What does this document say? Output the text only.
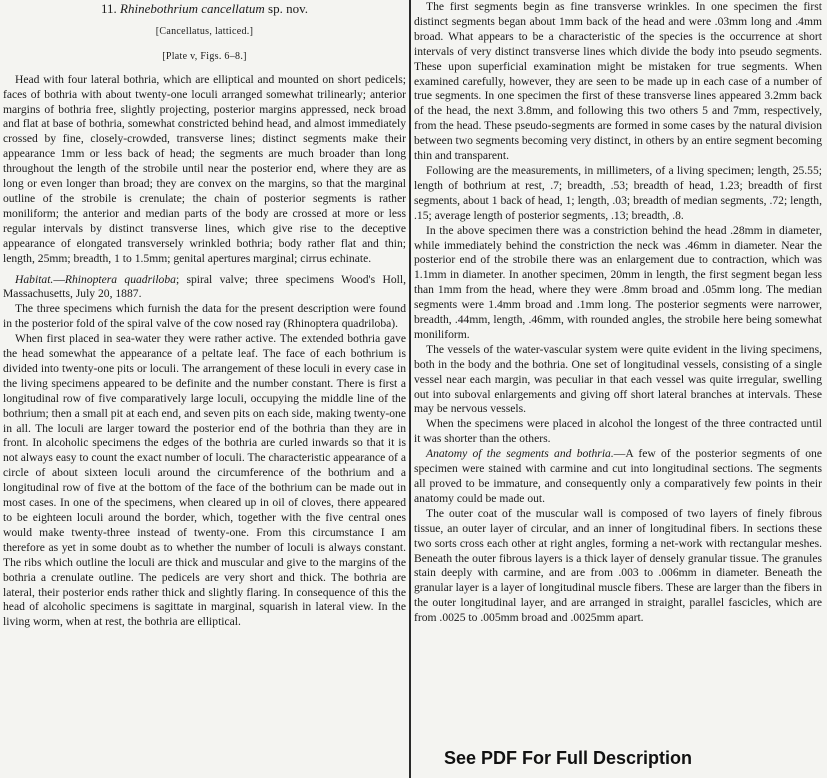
11. Rhinebothrium cancellatum sp. nov.
[Cancellatus, latticed.]
[Plate v, Figs. 6–8.]

Head with four lateral bothria, which are elliptical and mounted on short pedicels; faces of bothria with about twenty-one loculi arranged somewhat trilinearly; anterior margins of bothria free, slightly projecting, posterior margins appressed, neck broad and flat at base of bothria, somewhat constricted behind head, and almost immediately crossed by fine, closely-crowded, transverse lines; distinct segments make their appearance 1mm or less back of head; the segments are much broader than long throughout the length of the strobile until near the posterior end, where they are as long or even longer than broad; they are convex on the margins, so that the marginal outline of the strobile is crenulate; the chain of posterior segments is rather moniliform; the anterior and median parts of the body are crossed at more or less regular intervals by distinct transverse lines, which give rise to the deceptive appearance of elongated transversely wrinkled bothria; body rather flat and thin; length, 25mm; breadth, 1 to 1.5mm; genital apertures marginal; cirrus echinate.

Habitat.—Rhinoptera quadriloba; spiral valve; three specimens Wood's Holl, Massachusetts, July 20, 1887.

The three specimens which furnish the data for the present description were found in the posterior fold of the spiral valve of the cow nosed ray (Rhinoptera quadriloba).

When first placed in sea-water they were rather active. The extended bothria gave the head somewhat the appearance of a peltate leaf. The face of each bothrium is divided into twenty-one pits or loculi. The arrangement of these loculi in every case in the living specimens appeared to be definite and the number constant. There is first a longitudinal row of five comparatively large loculi, occupying the middle line of the bothrium; then a small pit at each end, and seven pits on each side, making twenty-one in all. The loculi are larger toward the posterior end of the bothria than they are in front. In alcoholic specimens the edges of the bothria are curled inwards so that it is not always easy to count the exact number of loculi. The characteristic appearance of a circle of about sixteen loculi around the circumference of the bothrium and a longitudinal row of five at the bottom of the face of the bothrium can be made out in most cases. In one of the specimens, when cleared up in oil of cloves, there appeared to be eighteen loculi around the border, which, together with the five central ones would make twenty-three instead of twenty-one. From this circumstance I am therefore as yet in some doubt as to whether the number of loculi is always constant. The ribs which outline the loculi are thick and muscular and give to the margins of the bothria a crenulate outline. The pedicels are very short and thick. The bothria are lateral, their posterior ends rather thick and slightly flaring. In consequence of this the head of alcoholic specimens is sagittate in marginal, squarish in lateral view. In the living worm, when at rest, the bothria are elliptical.

The first segments begin as fine transverse wrinkles. In one specimen the first distinct segments began about 1mm back of the head and were .03mm long and .4mm broad. What appears to be a characteristic of the species is the occurrence at short intervals of very distinct transverse lines which divide the body into pseudo segments. These upon superficial examination might be mistaken for true segments. When examined carefully, however, they are seen to be made up in each case of a number of true segments. In one specimen the first of these transverse lines appeared 3.2mm back of the head, the next 3.8mm, and following this two others 5 and 7mm, respectively, from the head. These pseudo-segments are formed in some cases by the natural division between two segments becoming very distinct, in others by an entire segment becoming thin and transparent.

Following are the measurements, in millimeters, of a living specimen; length, 25.55; length of bothrium at rest, .7; breadth, .53; breadth of head, 1.23; breadth of first segments, about 1 back of head, 1; length, .03; breadth of median segments, .72; length, .15; average length of posterior segments, .13; breadth, .8.

In the above specimen there was a constriction behind the head .28mm in diameter, while immediately behind the constriction the neck was .46mm in diameter. Near the posterior end of the strobile there was an enlargement due to contraction, which was 1.1mm in diameter. In another specimen, 20mm in length, the first segment began less than 1mm from the head, where they were .8mm broad and .05mm long. The median segments were 1.4mm broad and .1mm long. The posterior segments were narrower, breadth, .44mm, length, .46mm, with rounded angles, the strobile here being somewhat moniliform.

The vessels of the water-vascular system were quite evident in the living specimens, both in the body and the bothria. One set of longitudinal vessels, consisting of a single vessel near each margin, was peculiar in that each vessel was quite irregular, swelling out into suboval enlargements and giving off short lateral branches at intervals. These may be nervous vessels.

When the specimens were placed in alcohol the longest of the three contracted until it was shorter than the others.

Anatomy of the segments and bothria.—A few of the posterior segments of one specimen were stained with carmine and cut into longitudinal sections. The segments all proved to be immature, and consequently only a comparatively few points in their anatomy could be made out.

The outer coat of the muscular wall is composed of two layers of finely fibrous tissue, an outer layer of circular, and an inner of longitudinal fibers. In sections these two sorts cross each other at right angles, forming a net-work with rectangular meshes. Beneath the outer fibrous layers is a thick layer of densely granular tissue. The granules stain deeply with carmine, and are from .003 to .006mm in diameter. Beneath the granular layer is a layer of longitudinal muscle fibers. These are larger than the fibers in the outer longitudinal layer, and are arranged in straight, parallel fascicles, which are from .0025 to .005mm broad and .0025mm apart.

See PDF For Full Description
